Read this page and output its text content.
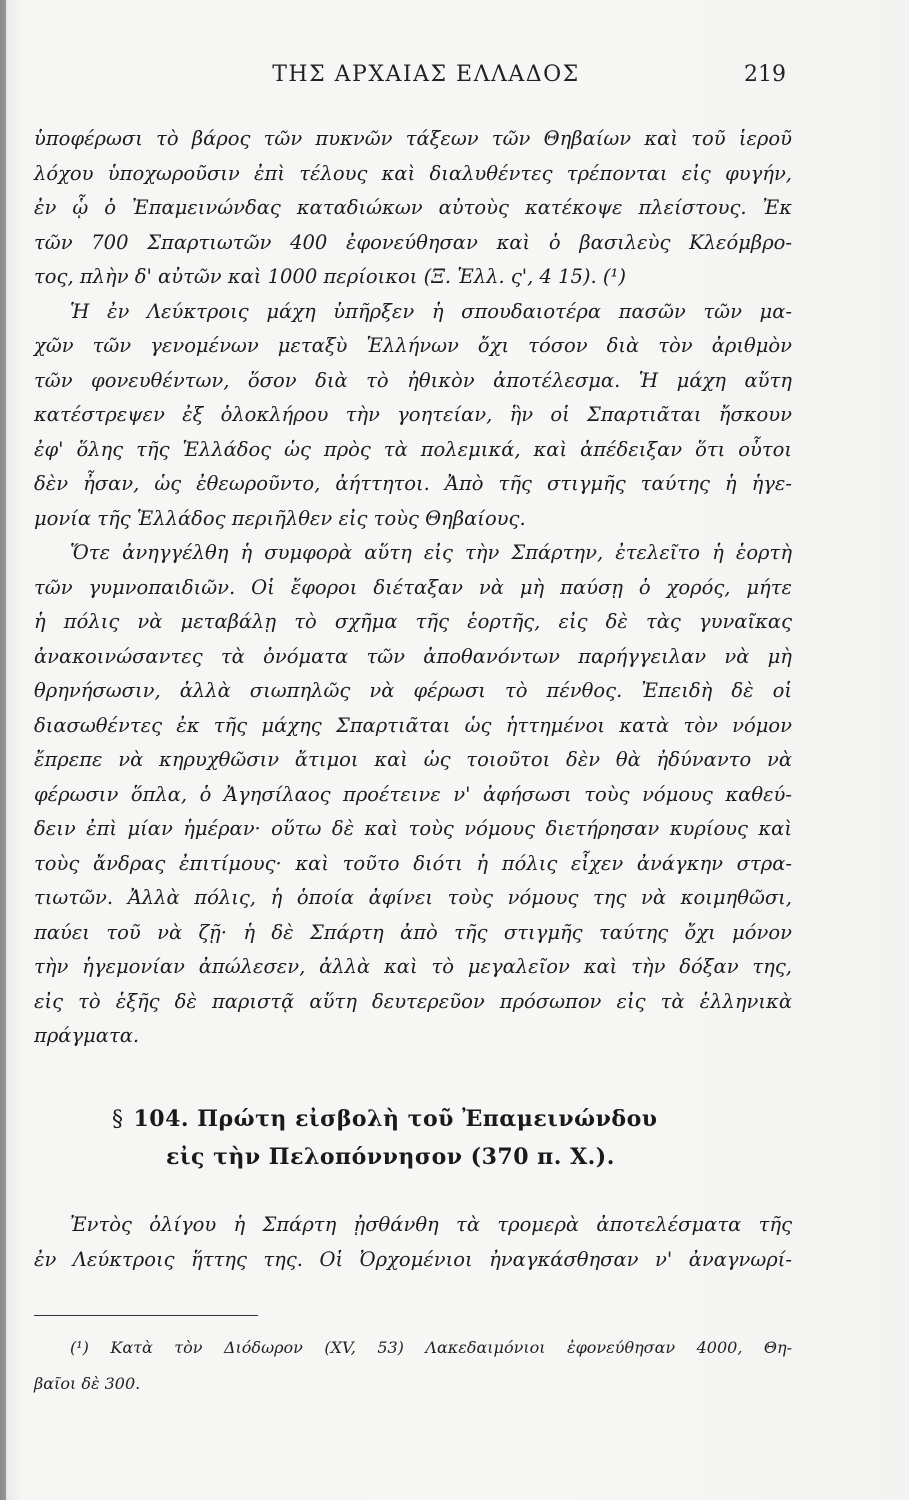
ΤΗΣ ΑΡΧΑΙΑΣ ΕΛΛΑΔΟΣ	219
ὑποφέρωσι τὸ βάρος τῶν πυκνῶν τάξεων τῶν Θηβαίων καὶ τοῦ ἱεροῦ
λόχου ὑποχωροῦσιν ἐπὶ τέλους καὶ διαλυθέντες τρέπονται εἰς φυγήν,
ἐν ᾧ ὁ Ἐπαμεινώνδας καταδιώκων αὐτοὺς κατέκοψε πλείστους. Ἐκ
τῶν 700 Σπαρτιωτῶν 400 ἐφονεύθησαν καὶ ὁ βασιλεὺς Κλεόμβρο-
τος, πλὴν δ' αὐτῶν καὶ 1000 περίοικοι (Ξ. Ἑλλ. ς', 4 15). (¹)
Ἡ ἐν Λεύκτροις μάχη ὑπῆρξεν ἡ σπουδαιοτέρα πασῶν τῶν μα-
χῶν τῶν γενομένων μεταξὺ Ἑλλήνων ὄχι τόσον διὰ τὸν ἀριθμὸν
τῶν φονευθέντων, ὅσον διὰ τὸ ἠθικὸν ἀποτέλεσμα. Ἡ μάχη αὕτη
κατέστρεψεν ἐξ ὁλοκλήρου τὴν γοητείαν, ἣν οἱ Σπαρτιᾶται ἤσκουν
ἐφ' ὅλης τῆς Ἑλλάδος ὡς πρὸς τὰ πολεμικά, καὶ ἀπέδειξαν ὅτι οὗτοι
δὲν ἦσαν, ὡς ἐθεωροῦντο, ἀήττητοι. Ἀπὸ τῆς στιγμῆς ταύτης ἡ ἡγε-
μονία τῆς Ἑλλάδος περιῆλθεν εἰς τοὺς Θηβαίους.
Ὅτε ἀνηγγέλθη ἡ συμφορὰ αὕτη εἰς τὴν Σπάρτην, ἐτελεῖτο ἡ ἑορτὴ
τῶν γυμνοπαιδιῶν. Οἱ ἔφοροι διέταξαν νὰ μὴ παύσῃ ὁ χορός, μήτε
ἡ πόλις νὰ μεταβάλῃ τὸ σχῆμα τῆς ἑορτῆς, εἰς δὲ τὰς γυναῖκας
ἀνακοινώσαντες τὰ ὀνόματα τῶν ἀποθανόντων παρήγγειλαν νὰ μὴ
θρηνήσωσιν, ἀλλὰ σιωπηλῶς νὰ φέρωσι τὸ πένθος. Ἐπειδὴ δὲ οἱ
διασωθέντες ἐκ τῆς μάχης Σπαρτιᾶται ὡς ἡττημένοι κατὰ τὸν νόμον
ἔπρεπε νὰ κηρυχθῶσιν ἄτιμοι καὶ ὡς τοιοῦτοι δὲν θὰ ἠδύναντο νὰ
φέρωσιν ὅπλα, ὁ Ἀγησίλαος προέτεινε ν' ἀφήσωσι τοὺς νόμους καθεύ-
δειν ἐπὶ μίαν ἡμέραν· οὕτω δὲ καὶ τοὺς νόμους διετήρησαν κυρίους καὶ
τοὺς ἄνδρας ἐπιτίμους· καὶ τοῦτο διότι ἡ πόλις εἶχεν ἀνάγκην στρα-
τιωτῶν. Ἀλλὰ πόλις, ἡ ὁποία ἀφίνει τοὺς νόμους της νὰ κοιμηθῶσι,
παύει τοῦ νὰ ζῇ· ἡ δὲ Σπάρτη ἀπὸ τῆς στιγμῆς ταύτης ὄχι μόνον
τὴν ἡγεμονίαν ἀπώλεσεν, ἀλλὰ καὶ τὸ μεγαλεῖον καὶ τὴν δόξαν της,
εἰς τὸ ἑξῆς δὲ παριστᾷ αὕτη δευτερεῦον πρόσωπον εἰς τὰ ἑλληνικὰ
πράγματα.
§ 104. Πρώτη εἰσβολὴ τοῦ Ἐπαμεινώνδου
εἰς τὴν Πελοπόννησον (370 π. Χ.).
Ἐντὸς ὀλίγου ἡ Σπάρτη ᾐσθάνθη τὰ τρομερὰ ἀποτελέσματα τῆς
ἐν Λεύκτροις ἥττης της. Οἱ Ὀρχομένιοι ἠναγκάσθησαν ν' ἀναγνωρί-
(¹) Κατὰ τὸν Διόδωρον (XV, 53) Λακεδαιμόνιοι ἐφονεύθησαν 4000, Θη-
βαῖοι δὲ 300.
